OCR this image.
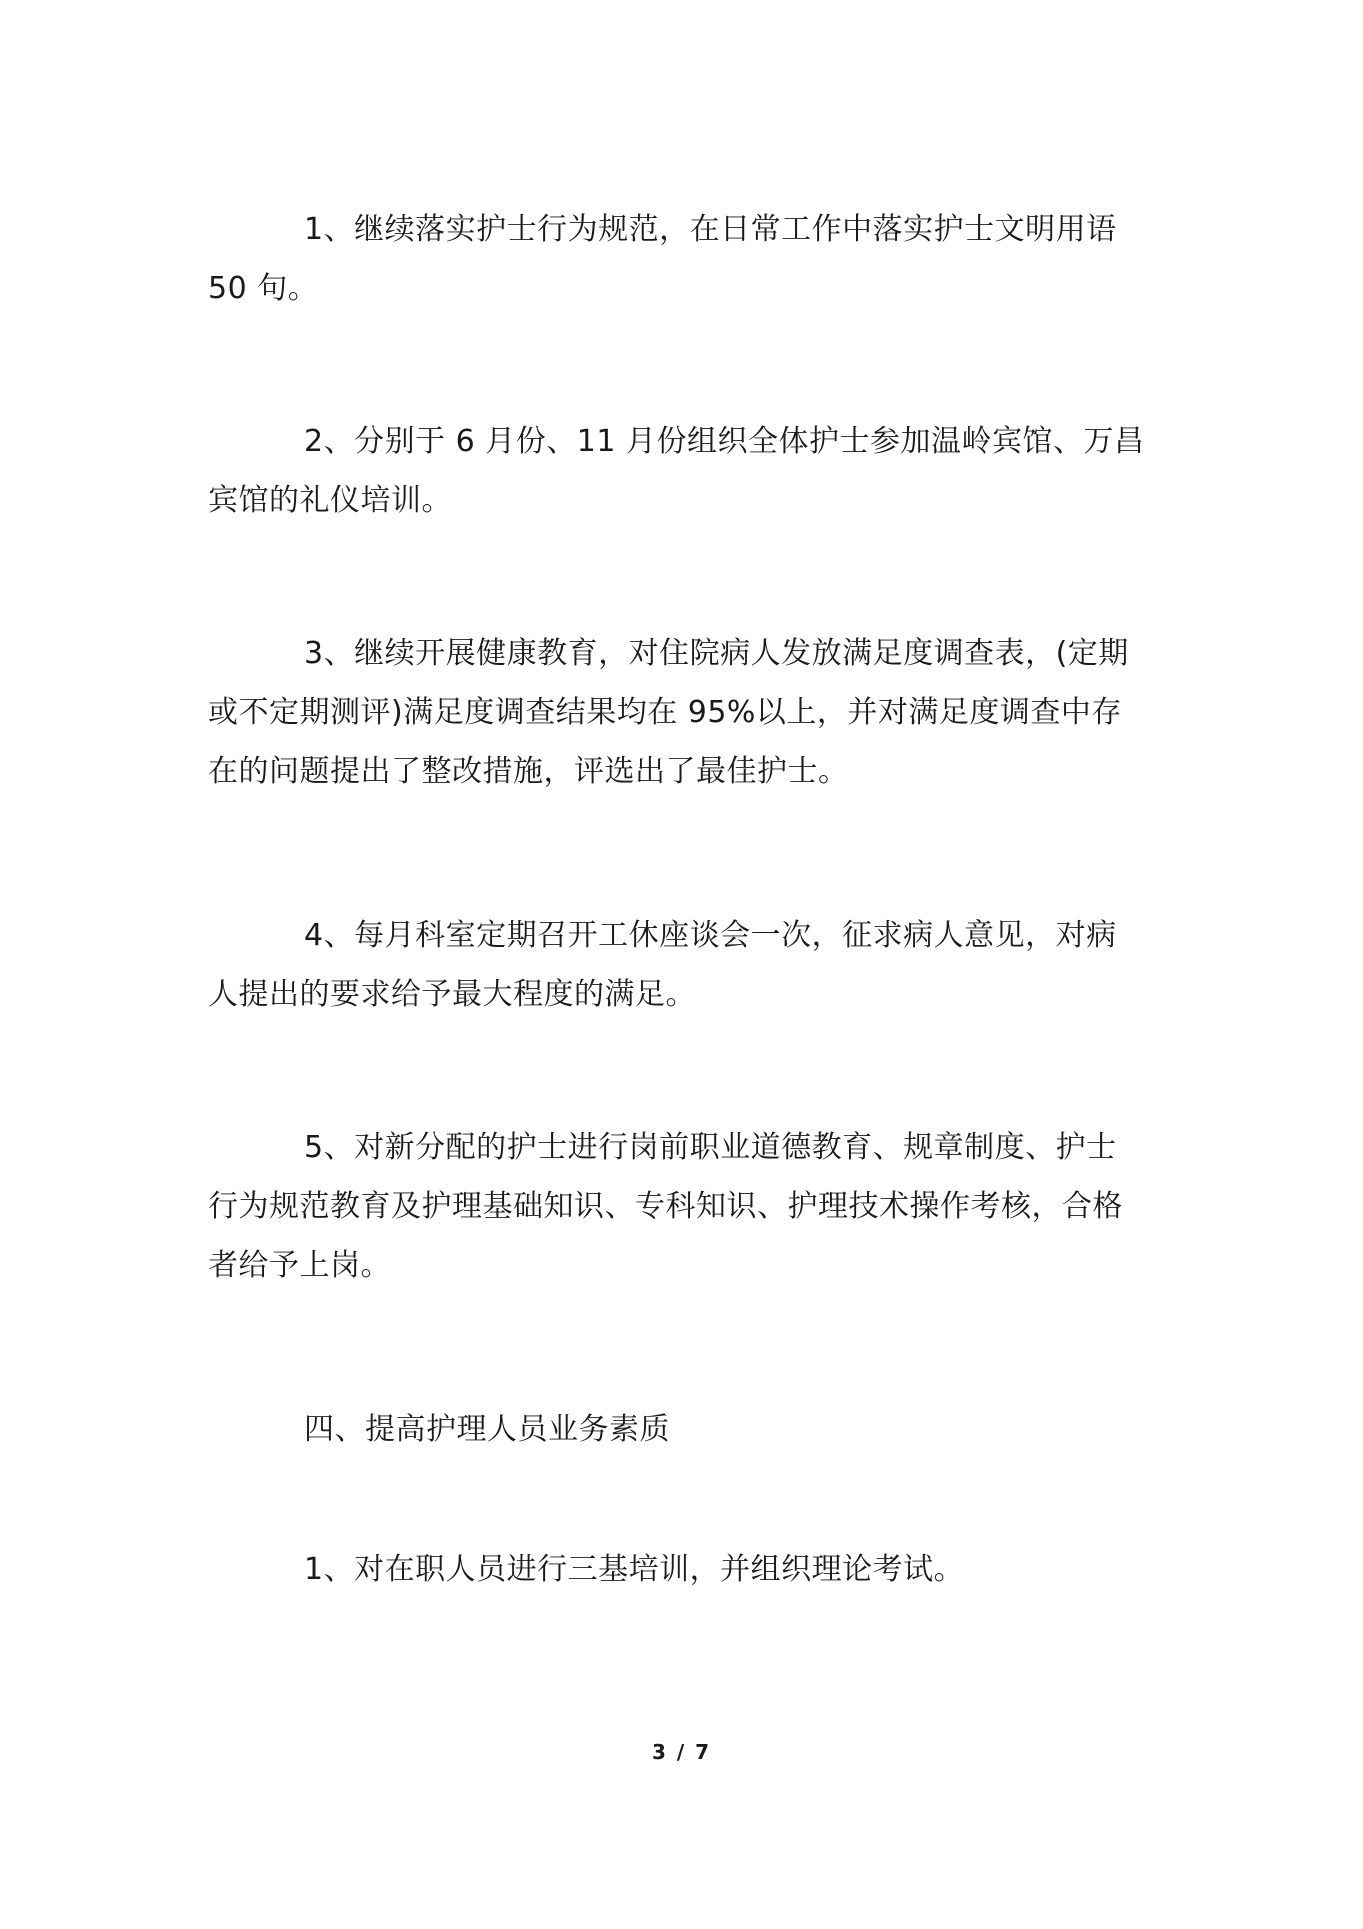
1、继续落实护士行为规范，在日常工作中落实护士文明用语
50 句。
2、分别于 6 月份、11 月份组织全体护士参加温岭宾馆、万昌
宾馆的礼仪培训。
3、继续开展健康教育，对住院病人发放满足度调查表，(定期
或不定期测评)满足度调查结果均在 95%以上，并对满足度调查中存
在的问题提出了整改措施，评选出了最佳护士。
4、每月科室定期召开工休座谈会一次，征求病人意见，对病
人提出的要求给予最大程度的满足。
5、对新分配的护士进行岗前职业道德教育、规章制度、护士
行为规范教育及护理基础知识、专科知识、护理技术操作考核，合格
者给予上岗。
四、提高护理人员业务素质
1、对在职人员进行三基培训，并组织理论考试。
3 / 7
